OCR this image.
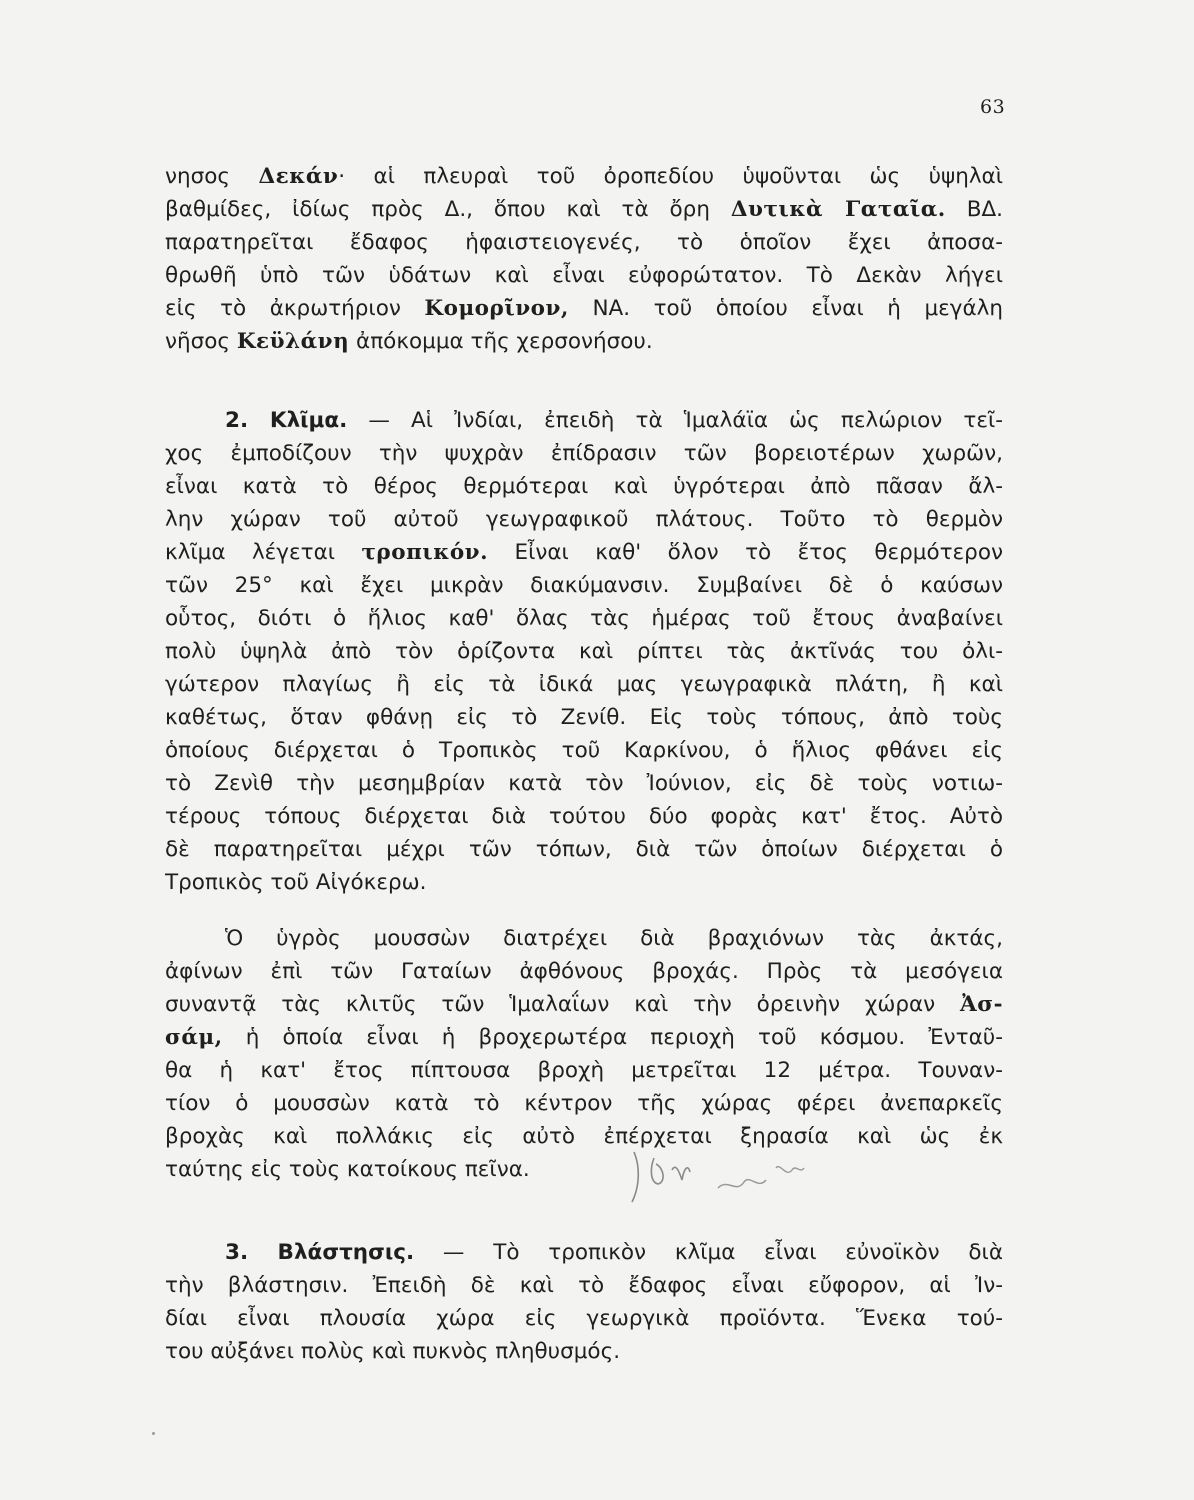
63
νησος Δεκάν· αἱ πλευραὶ τοῦ ὀροπεδίου ὑψοῦνται ὡς ὑψηλαὶ
βαθμίδες, ἰδίως πρὸς Δ., ὅπου καὶ τὰ ὄρη Δυτικὰ Γαταῖα. ΒΔ.
παρατηρεῖται ἔδαφος ἡφαιστειογενές, τὸ ὁποῖον ἔχει ἀποσα-
θρωθῆ ὑπὸ τῶν ὑδάτων καὶ εἶναι εὐφορώτατον. Τὸ Δεκὰν λήγει
εἰς τὸ ἀκρωτήριον Κομορῖνον, ΝΑ. τοῦ ὁποίου εἶναι ἡ μεγάλη
νῆσος Κεϋλάνη ἀπόκομμα τῆς χερσονήσου.
2. Κλῖμα. — Αἱ Ἰνδίαι, ἐπειδὴ τὰ Ἱμαλάϊα ὡς πελώριον τεῖ-
χος ἐμποδίζουν τὴν ψυχρὰν ἐπίδρασιν τῶν βορειοτέρων χωρῶν,
εἶναι κατὰ τὸ θέρος θερμότεραι καὶ ὑγρότεραι ἀπὸ πᾶσαν ἄλ-
λην χώραν τοῦ αὐτοῦ γεωγραφικοῦ πλάτους. Τοῦτο τὸ θερμὸν
κλῖμα λέγεται τροπικόν. Εἶναι καθ' ὅλον τὸ ἔτος θερμότερον
τῶν 25° καὶ ἔχει μικρὰν διακύμανσιν. Συμβαίνει δὲ ὁ καύσων
οὗτος, διότι ὁ ἥλιος καθ' ὅλας τὰς ἡμέρας τοῦ ἔτους ἀναβαίνει
πολὺ ὑψηλὰ ἀπὸ τὸν ὁρίζοντα καὶ ρίπτει τὰς ἀκτῖνάς του ὀλι-
γώτερον πλαγίως ἢ εἰς τὰ ἰδικά μας γεωγραφικὰ πλάτη, ἢ καὶ
καθέτως, ὅταν φθάνῃ εἰς τὸ Ζενίθ. Εἰς τοὺς τόπους, ἀπὸ τοὺς
ὁποίους διέρχεται ὁ Τροπικὸς τοῦ Καρκίνου, ὁ ἥλιος φθάνει εἰς
τὸ Ζενὶθ τὴν μεσημβρίαν κατὰ τὸν Ἰούνιον, εἰς δὲ τοὺς νοτιω-
τέρους τόπους διέρχεται διὰ τούτου δύο φορὰς κατ' ἔτος. Αὐτὸ
δὲ παρατηρεῖται μέχρι τῶν τόπων, διὰ τῶν ὁποίων διέρχεται ὁ
Τροπικὸς τοῦ Αἰγόκερω.
Ὁ ὑγρὸς μουσσὼν διατρέχει διὰ βραχιόνων τὰς ἀκτάς,
ἀφίνων ἐπὶ τῶν Γαταίων ἀφθόνους βροχάς. Πρὸς τὰ μεσόγεια
συναντᾷ τὰς κλιτῦς τῶν Ἱμαλαΐων καὶ τὴν ὀρεινὴν χώραν Ἀσ-
σάμ, ἡ ὁποία εἶναι ἡ βροχερωτέρα περιοχὴ τοῦ κόσμου. Ἐνταῦ-
θα ἡ κατ' ἔτος πίπτουσα βροχὴ μετρεῖται 12 μέτρα. Τουναν-
τίον ὁ μουσσὼν κατὰ τὸ κέντρον τῆς χώρας φέρει ἀνεπαρκεῖς
βροχὰς καὶ πολλάκις εἰς αὐτὸ ἐπέρχεται ξηρασία καὶ ὡς ἐκ
ταύτης εἰς τοὺς κατοίκους πεῖνα.
3. Βλάστησις. — Τὸ τροπικὸν κλῖμα εἶναι εὐνοϊκὸν διὰ
τὴν βλάστησιν. Ἐπειδὴ δὲ καὶ τὸ ἔδαφος εἶναι εὔφορον, αἱ Ἰν-
δίαι εἶναι πλουσία χώρα εἰς γεωργικὰ προϊόντα. Ἕνεκα τού-
του αὐξάνει πολὺς καὶ πυκνὸς πληθυσμός.
